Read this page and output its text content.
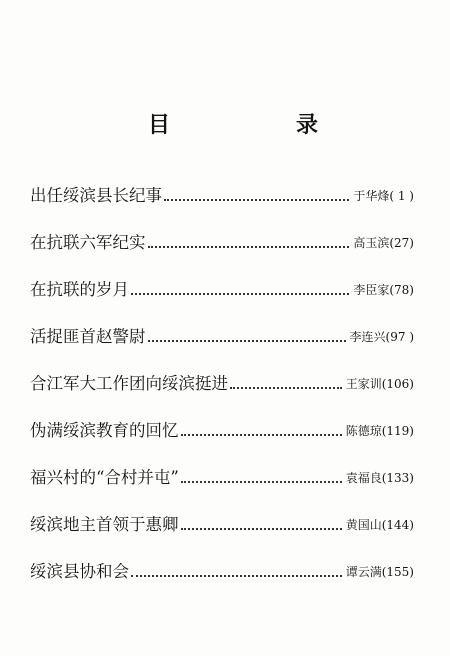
目	录
出任绥滨县长纪事	于华烽 ( 1 )
在抗联六军纪实	高玉滨 (27)
在抗联的岁月	李臣家 (78)
活捉匪首赵警尉	李连兴 (97 )
合江军大工作团向绥滨挺进	王家训 (106)
伪满绥滨教育的回忆	陈德琼 (119)
福兴村的“合村并屯”	袁福良 (133)
绥滨地主首领于惠卿	黄国山 (144)
绥滨县协和会	谭云满 (155)
